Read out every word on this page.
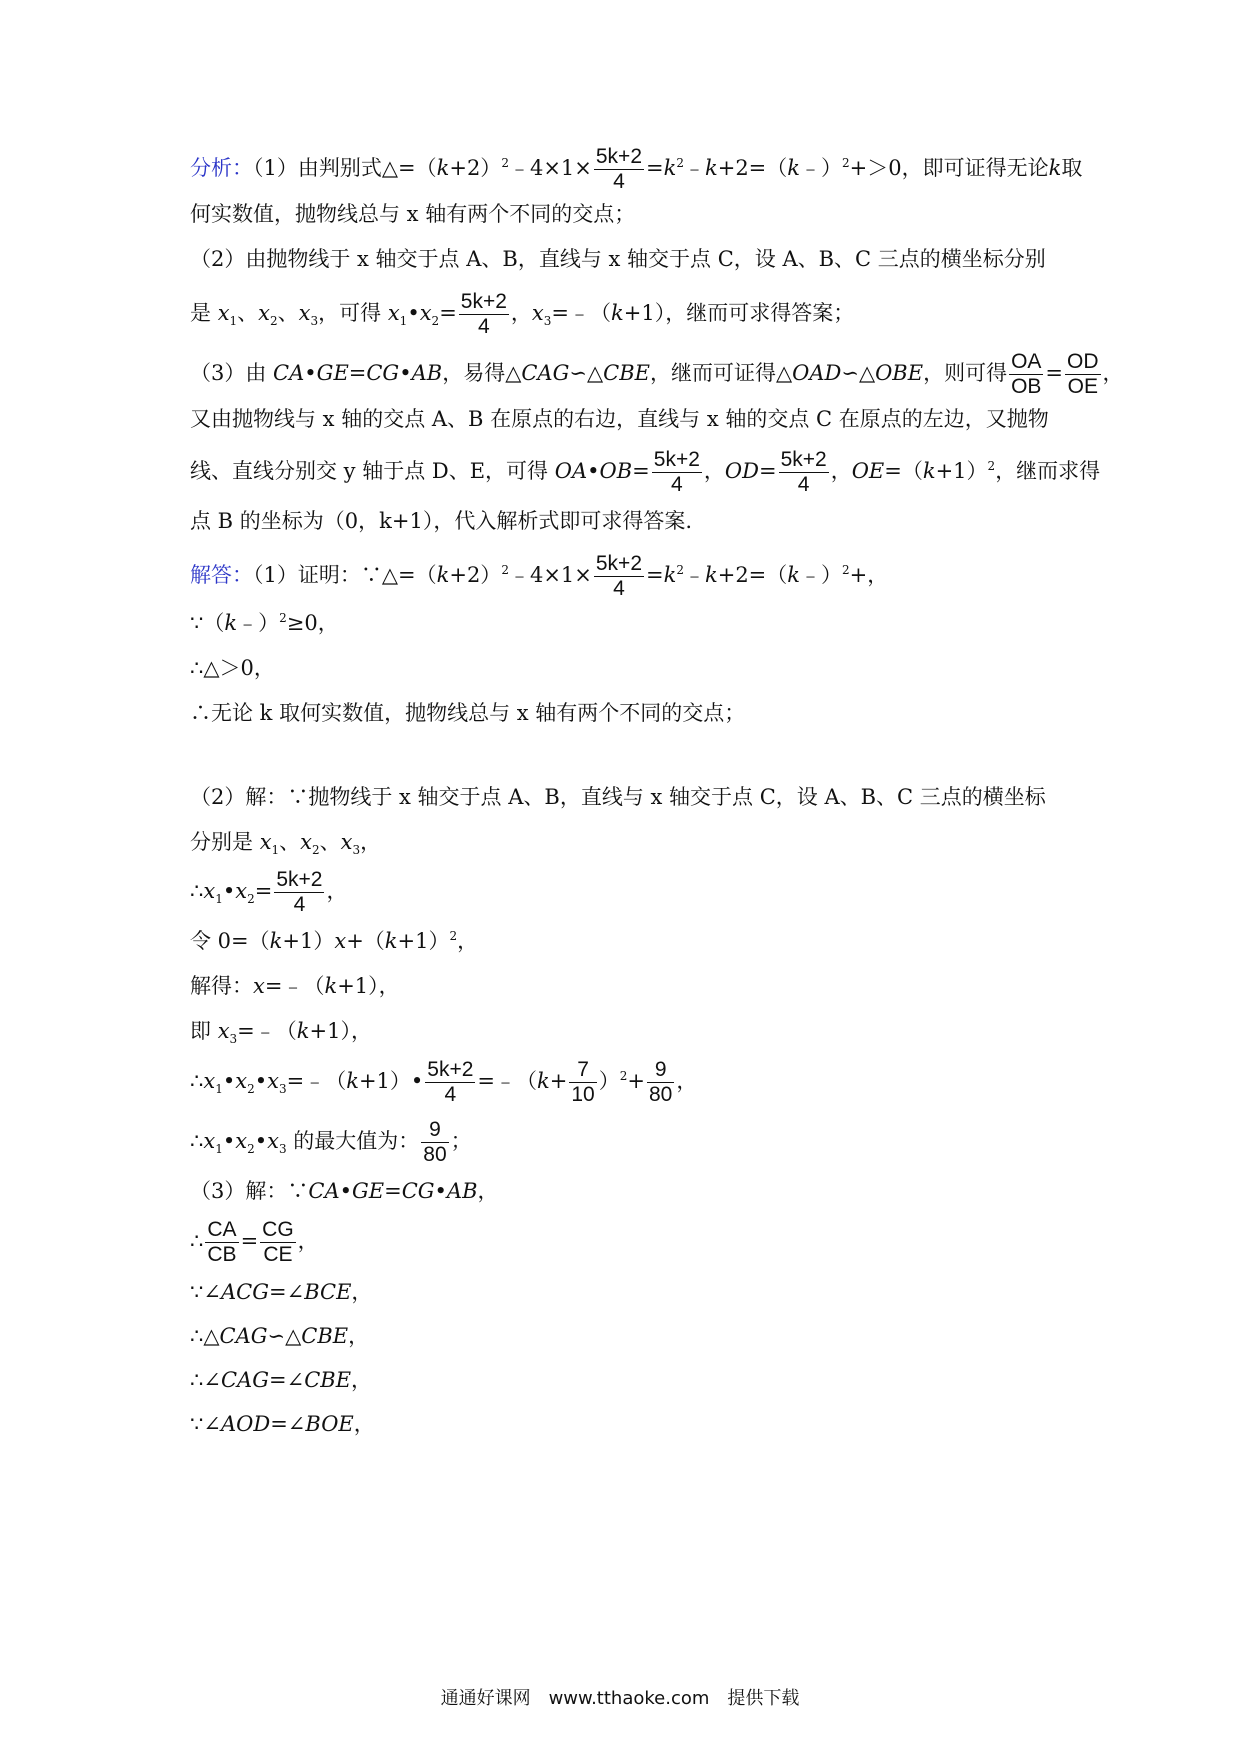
分析：（1）由判别式$\triangle=(k+2)^2﹣4\times 1\times \frac{5k+2}{4}$ $=k^2﹣k+2=(k﹣)^2+>0$，即可证得无论k取
何实数值，抛物线总与 x 轴有两个不同的交点；
（2）由抛物线于 x 轴交于点 A、B，直线与 x 轴交于点 C，设 A、B、C 三点的横坐标分别
是 $x_1$、$x_2$、$x_3$，可得 $x_1•x_2= \frac{5k+2}{4}$ ，$x_3=﹣(k+1)$，继而可求得答案；
（3）由 CA•GE=CG•AB，易得△CAG∽△CBE，继而可证得△OAD∽△OBE，则可得 $\frac{OA}{OB} = \frac{OD}{OE}$ ，
又由抛物线与 x 轴的交点 A、B 在原点的右边，直线与 x 轴的交点 C 在原点的左边，又抛物
线、直线分别交 y 轴于点 D、E，可得 OA•OB= $\frac{5k+2}{4}$ ，$OD= \frac{5k+2}{4}$ ，$OE=(k+1)^2$，继而求得
点 B 的坐标为（0，k+1），代入解析式即可求得答案.
解答：（1）证明：$\because\triangle=(k+2)^2﹣4\times 1\times \frac{5k+2}{4}$ $=k^2﹣k+2=(k﹣)^2+$，
∵（k﹣）$^2$≥0，
∴△＞0，
∴无论 k 取何实数值，抛物线总与 x 轴有两个不同的交点；
（2）解：∵抛物线于 x 轴交于点 A、B，直线与 x 轴交于点 C，设 A、B、C 三点的横坐标
分别是 $x_1$、$x_2$、$x_3$，
$\therefore x_1•x_2= \frac{5k+2}{4}$ ，
令 $0=(k+1)x+(k+1)^2$，
解得：x=﹣（k+1），
即 $x_3=﹣(k+1)$，
$\therefore x_1•x_2•x_3=﹣(k+1)• \frac{5k+2}{4}$ =﹣（k+ $\frac{7}{10} )^2+ \frac{9}{80}$ ，
$\therefore x_1•x_2•x_3$ 的最大值为： $\frac{9}{80}$ ；
（3）解：∵CA•GE=CG•AB，
∴ $\frac{CA}{CB} = \frac{CG}{CE}$ ，
∵∠ACG=∠BCE，
∴△CAG∽△CBE，
∴∠CAG=∠CBE，
∵∠AOD=∠BOE，
通通好课网　www.tthaoke.com　提供下载
